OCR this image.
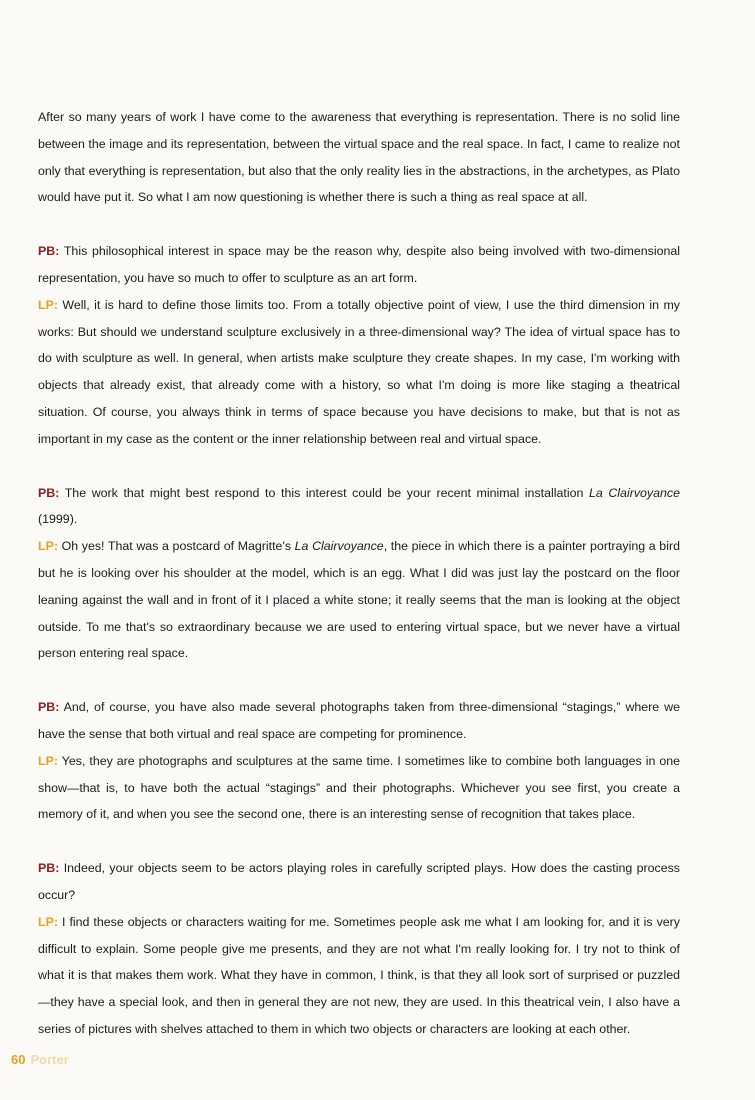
After so many years of work I have come to the awareness that everything is representation. There is no solid line between the image and its representation, between the virtual space and the real space. In fact, I came to realize not only that everything is representation, but also that the only reality lies in the abstractions, in the archetypes, as Plato would have put it. So what I am now questioning is whether there is such a thing as real space at all.

PB: This philosophical interest in space may be the reason why, despite also being involved with two-dimensional representation, you have so much to offer to sculpture as an art form.

LP: Well, it is hard to define those limits too. From a totally objective point of view, I use the third dimension in my works: But should we understand sculpture exclusively in a three-dimensional way? The idea of virtual space has to do with sculpture as well. In general, when artists make sculpture they create shapes. In my case, I'm working with objects that already exist, that already come with a history, so what I'm doing is more like staging a theatrical situation. Of course, you always think in terms of space because you have decisions to make, but that is not as important in my case as the content or the inner relationship between real and virtual space.

PB: The work that might best respond to this interest could be your recent minimal installation La Clairvoyance (1999).

LP: Oh yes! That was a postcard of Magritte's La Clairvoyance, the piece in which there is a painter portraying a bird but he is looking over his shoulder at the model, which is an egg. What I did was just lay the postcard on the floor leaning against the wall and in front of it I placed a white stone; it really seems that the man is looking at the object outside. To me that's so extraordinary because we are used to entering virtual space, but we never have a virtual person entering real space.

PB: And, of course, you have also made several photographs taken from three-dimensional “stagings,” where we have the sense that both virtual and real space are competing for prominence.

LP: Yes, they are photographs and sculptures at the same time. I sometimes like to combine both languages in one show—that is, to have both the actual “stagings” and their photographs. Whichever you see first, you create a memory of it, and when you see the second one, there is an interesting sense of recognition that takes place.

PB: Indeed, your objects seem to be actors playing roles in carefully scripted plays. How does the casting process occur?

LP: I find these objects or characters waiting for me. Sometimes people ask me what I am looking for, and it is very difficult to explain. Some people give me presents, and they are not what I'm really looking for. I try not to think of what it is that makes them work. What they have in common, I think, is that they all look sort of surprised or puzzled—they have a special look, and then in general they are not new, they are used. In this theatrical vein, I also have a series of pictures with shelves attached to them in which two objects or characters are looking at each other.

60 Porter
